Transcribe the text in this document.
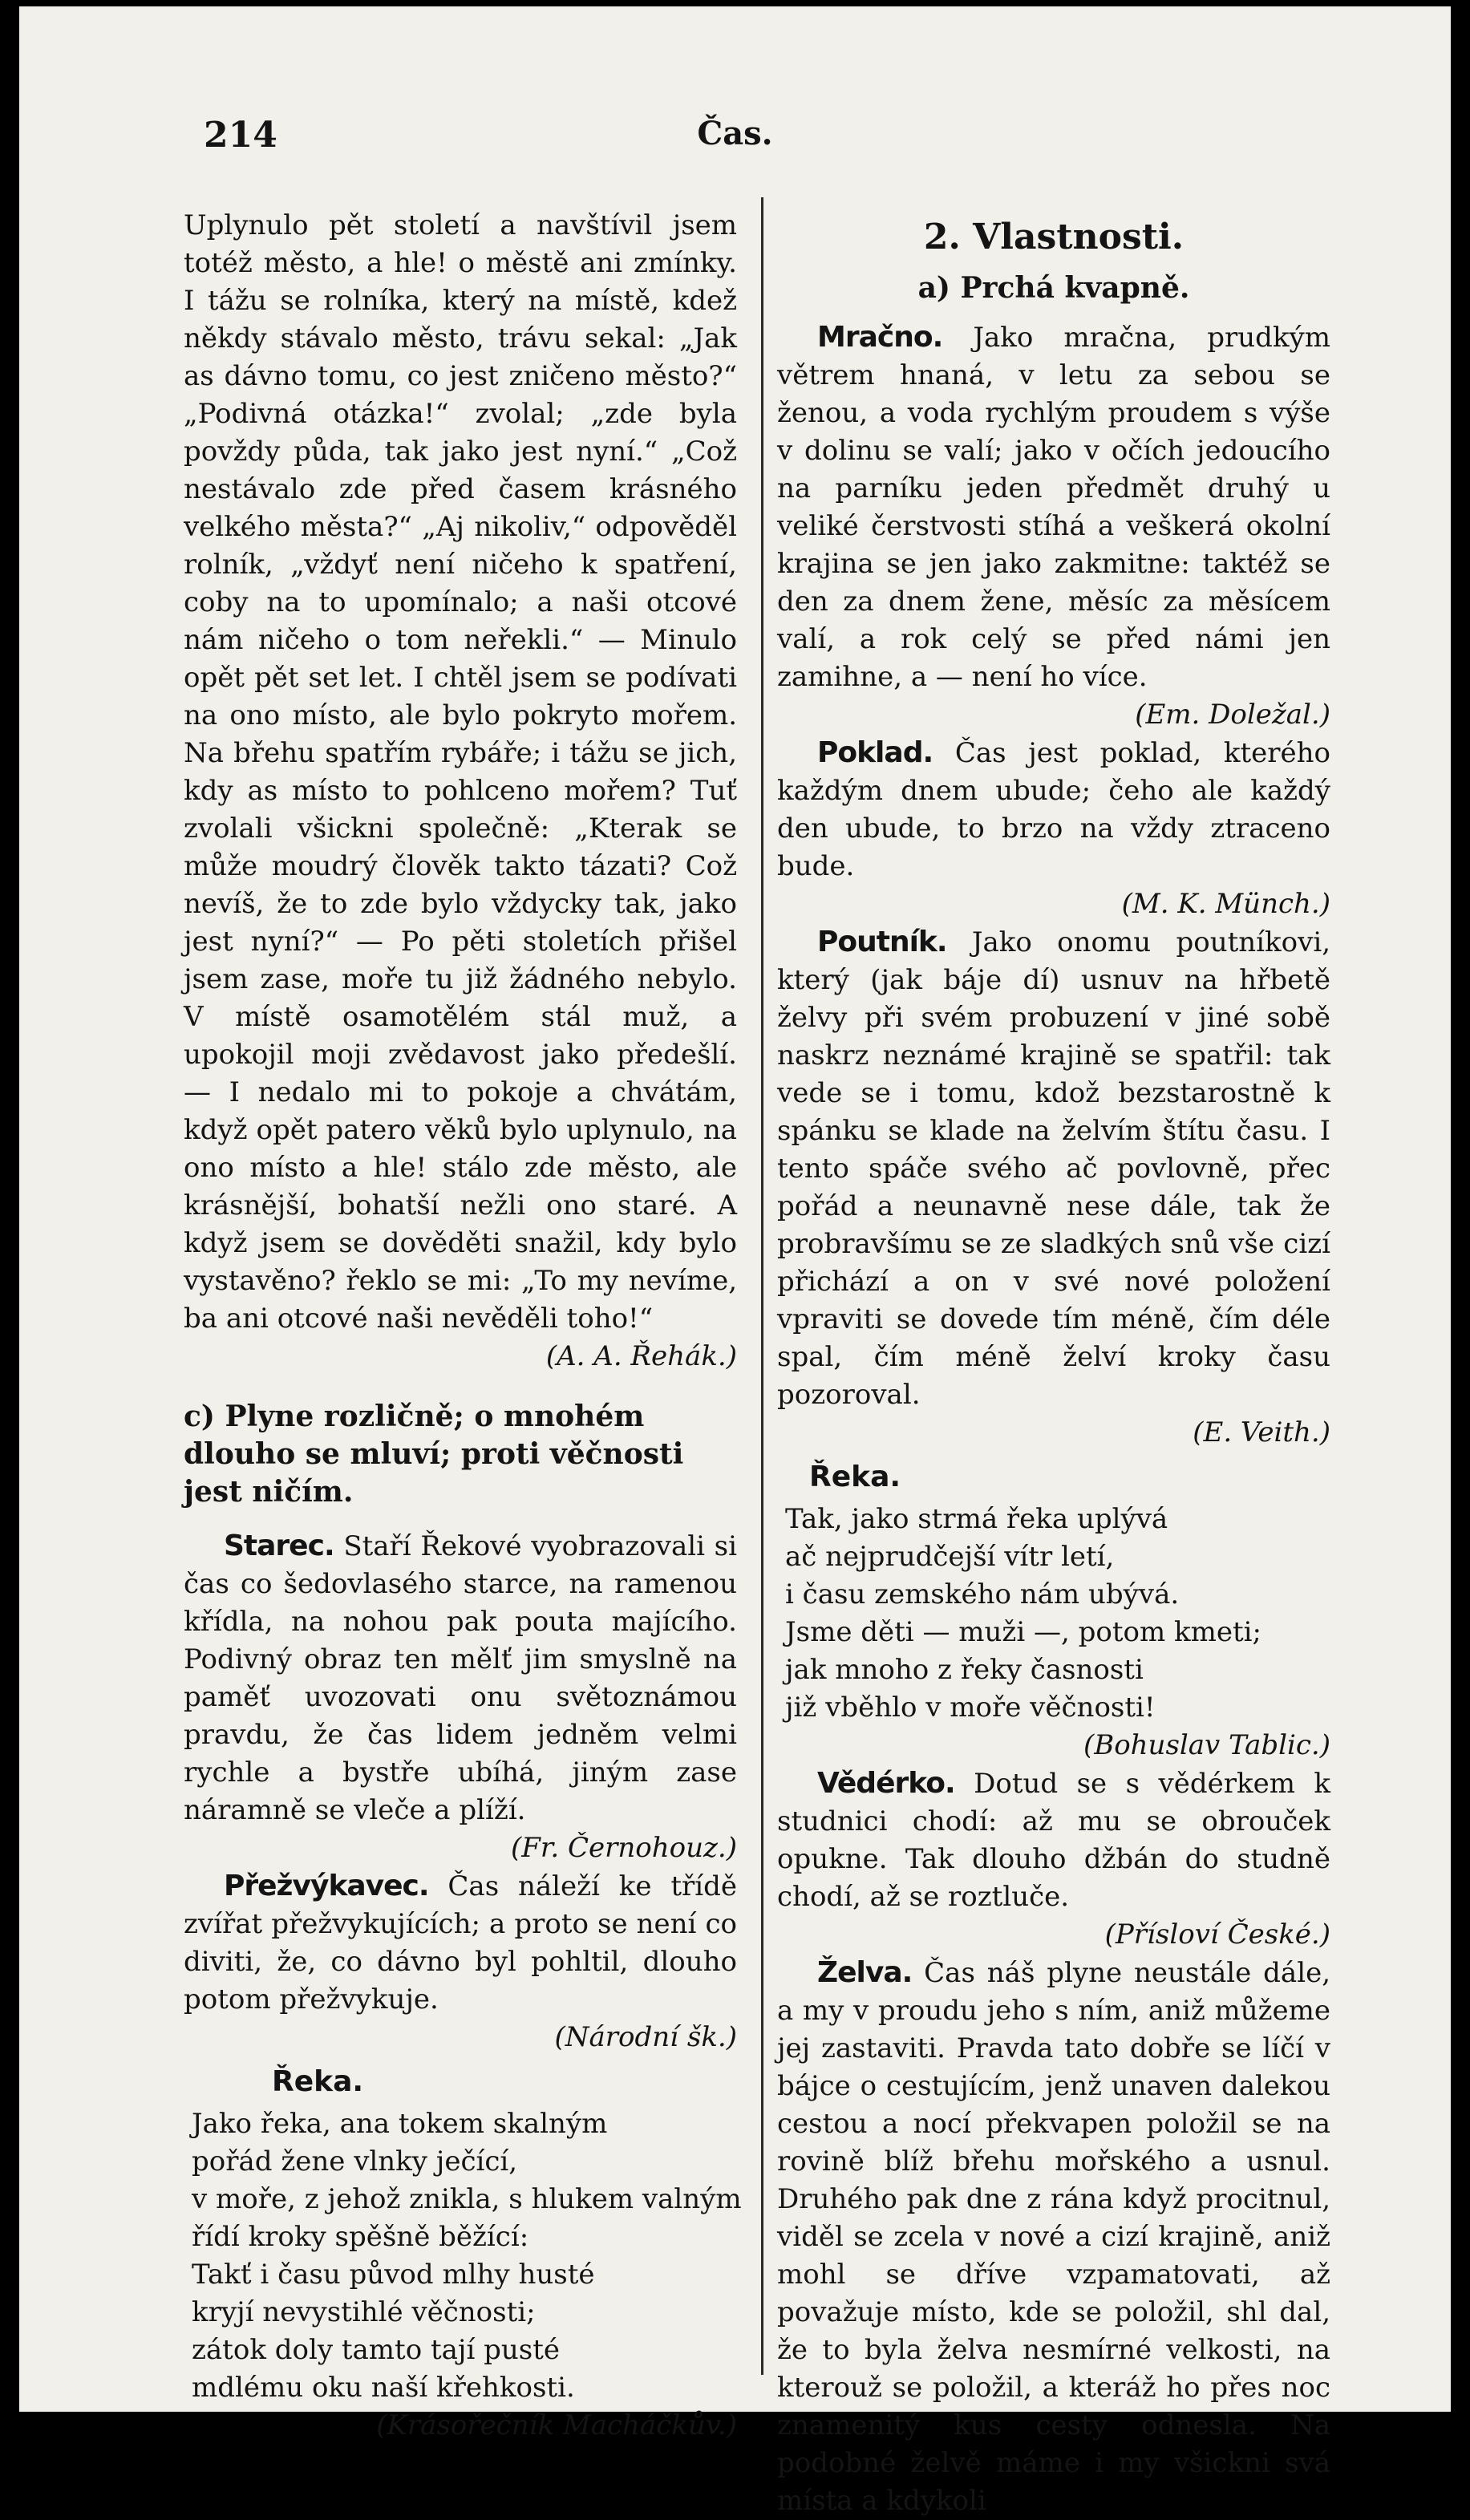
214	Čas.

Uplynulo pět století a navštívil jsem totéž město, a hle! o městě ani zmínky. I tážu se rolníka, který na místě, kdež někdy stávalo město, trávu sekal: „Jak as dávno tomu, co jest zničeno město?“ „Podivná otázka!“ zvolal; „zde byla povždy půda, tak jako jest nyní.“ „Což nestávalo zde před časem krásného velkého města?“ „Aj nikoliv,“ odpověděl rolník, „vždyť není ničeho k spatření, coby na to upomínalo; a naši otcové nám ničeho o tom neřekli.“ — Minulo opět pět set let. I chtěl jsem se podívati na ono místo, ale bylo pokryto mořem. Na břehu spatřím rybáře; i tážu se jich, kdy as místo to pohlceno mořem? Tuť zvolali všickni společně: „Kterak se může moudrý člověk takto tázati? Což nevíš, že to zde bylo vždycky tak, jako jest nyní?“ — Po pěti stoletích přišel jsem zase, moře tu již žádného nebylo. V místě osamotělém stál muž, a upokojil moji zvědavost jako předešlí. — I nedalo mi to pokoje a chvátám, když opět patero věků bylo uplynulo, na ono místo a hle! stálo zde město, ale krásnější, bohatší nežli ono staré. A když jsem se dověděti snažil, kdy bylo vystavěno? řeklo se mi: „To my nevíme, ba ani otcové naši nevěděli toho!“

(A. A. Řehák.)

c) Plyne rozličně; o mnohém dlouho se mluví; proti věčnosti jest ničím.

Starec. Staří Řekové vyobrazovali si čas co šedovlasého starce, na ramenou křídla, na nohou pak pouta majícího. Podivný obraz ten mělť jim smyslně na paměť uvozovati onu světoznámou pravdu, že čas lidem jedněm velmi rychle a bystře ubíhá, jiným zase náramně se vleče a plíží.

(Fr. Černohouz.)

Přežvýkavec. Čas náleží ke třídě zvířat přežvykujících; a proto se není co diviti, že, co dávno byl pohltil, dlouho potom přežvykuje.

(Národní šk.)

Řeka.
Jako řeka, ana tokem skalným
pořád žene vlnky ječící,
v moře, z jehož znikla, s hlukem valným
řídí kroky spěšně běžící:
Takť i času původ mlhy husté
kryjí nevystihlé věčnosti;
zátok doly tamto tají pusté
mdlému oku naší křehkosti.

(Krásořečník Macháčkův.)

2. Vlastnosti.
a) Prchá kvapně.

Mračno. Jako mračna, prudkým větrem hnaná, v letu za sebou se ženou, a voda rychlým proudem s výše v dolinu se valí; jako v očích jedoucího na parníku jeden předmět druhý u veliké čerstvosti stíhá a veškerá okolní krajina se jen jako zakmitne: taktéž se den za dnem žene, měsíc za měsícem valí, a rok celý se před námi jen zamihne, a — není ho více.

(Em. Doležal.)

Poklad. Čas jest poklad, kterého každým dnem ubude; čeho ale každý den ubude, to brzo na vždy ztraceno bude.

(M. K. Münch.)

Poutník. Jako onomu poutníkovi, který (jak báje dí) usnuv na hřbetě želvy při svém probuzení v jiné sobě naskrz neznámé krajině se spatřil: tak vede se i tomu, kdož bezstarostně k spánku se klade na želvím štítu času. I tento spáče svého ač povlovně, přec pořád a neunavně nese dále, tak že probravšímu se ze sladkých snů vše cizí přichází a on v své nové položení vpraviti se dovede tím méně, čím déle spal, čím méně želví kroky času pozoroval.

(E. Veith.)

Řeka.
Tak, jako strmá řeka uplývá
ač nejprudčejší vítr letí,
i času zemského nám ubývá.
Jsme děti — muži —, potom kmeti;
jak mnoho z řeky časnosti
již vběhlo v moře věčnosti!

(Bohuslav Tablic.)

Vědérko. Dotud se s vědérkem k studnici chodí: až mu se obrouček opukne. Tak dlouho džbán do studně chodí, až se roztluče.

(Přísloví České.)

Želva. Čas náš plyne neustále dále, a my v proudu jeho s ním, aniž můžeme jej zastaviti. Pravda tato dobře se líčí v bájce o cestujícím, jenž unaven dalekou cestou a nocí překvapen položil se na rovině blíž břehu mořského a usnul. Druhého pak dne z rána když procitnul, viděl se zcela v nové a cizí krajině, aniž mohl se dříve vzpamatovati, až považuje místo, kde se položil, shl dal, že to byla želva nesmírné velkosti, na kterouž se položil, a kteráž ho přes noc znamenitý kus cesty odnesla. Na podobné želvě máme i my všickni svá místa a kdykoli
